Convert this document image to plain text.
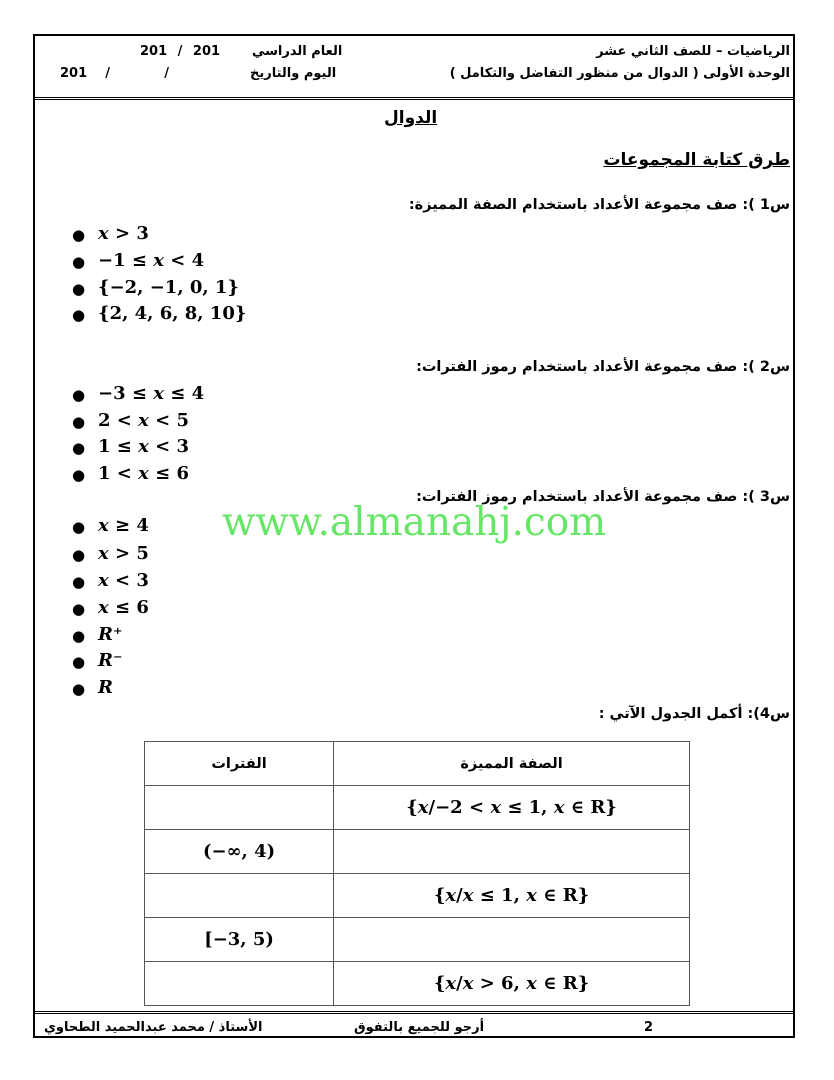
الرياضيات – للصف الثاني عشر
الوحدة الأولى ( الدوال من منظور التفاضل والتكامل )
العام الدراسي
201 / 201
اليوم والتاريخ
201    /            /
الدوال
طرق كتابة المجموعات
س1 ): صف مجموعة الأعداد باستخدام الصفة المميزة:
● x > 3
● −1 ≤ x < 4
● {−2, −1, 0, 1}
● {2, 4, 6, 8, 10}
س2 ): صف مجموعة الأعداد باستخدام رموز الفترات:
● −3 ≤ x ≤ 4
● 2 < x < 5
● 1 ≤ x < 3
● 1 < x ≤ 6
س3 ): صف مجموعة الأعداد باستخدام رموز الفترات:
● x ≥ 4
● x > 5
● x < 3
● x ≤ 6
● R⁺
● R⁻
● R
www.almanahj.com
س4): أكمل الجدول الآتي :
الفترات	الصفة المميزة
	{x/−2 < x ≤ 1, x ∈ R}
(−∞, 4)	
	{x/x ≤ 1, x ∈ R}
[−3, 5)	
	{x/x > 6, x ∈ R}
الأستاذ / محمد عبدالحميد الطحاوي	أرجو للجميع بالتفوق	2
